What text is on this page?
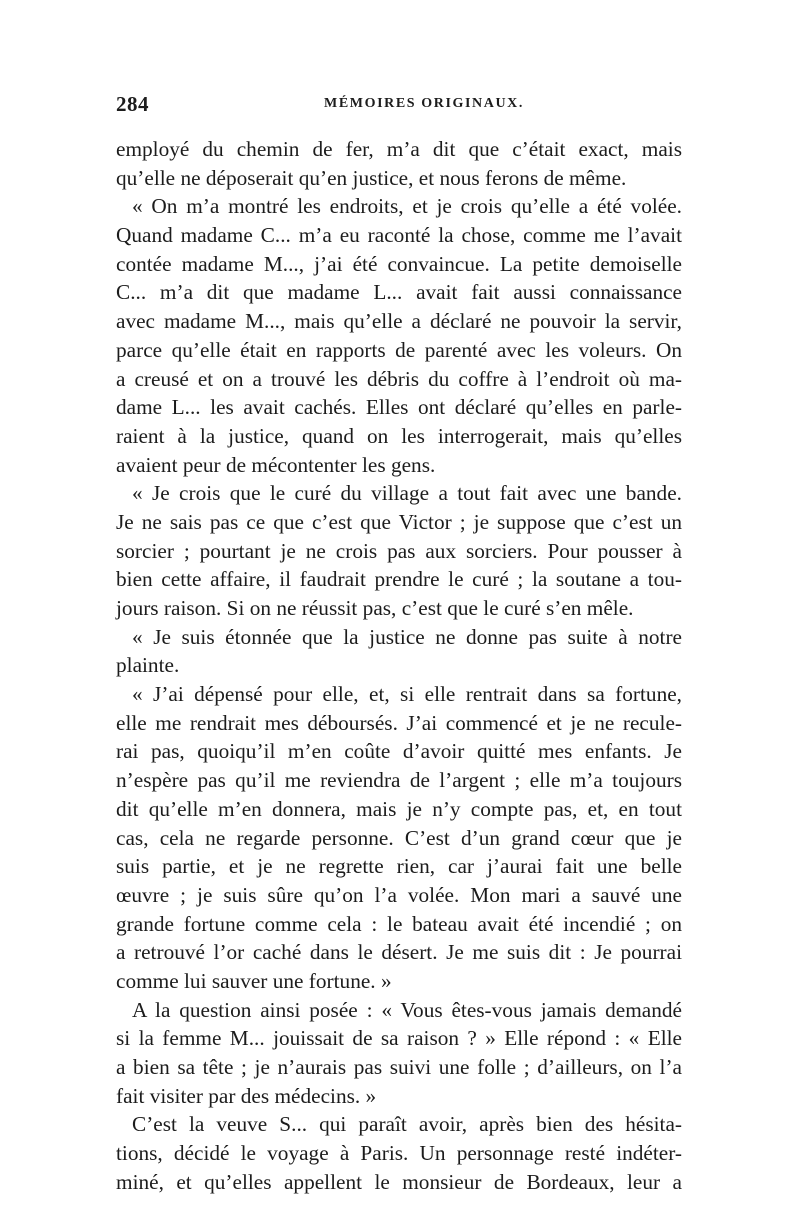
284	MÉMOIRES ORIGINAUX.
employé du chemin de fer, m’a dit que c’était exact, mais
qu’elle ne déposerait qu’en justice, et nous ferons de même.
« On m’a montré les endroits, et je crois qu’elle a été volée.
Quand madame C... m’a eu raconté la chose, comme me l’avait
contée madame M..., j’ai été convaincue. La petite demoiselle
C... m’a dit que madame L... avait fait aussi connaissance
avec madame M..., mais qu’elle a déclaré ne pouvoir la servir,
parce qu’elle était en rapports de parenté avec les voleurs. On
a creusé et on a trouvé les débris du coffre à l’endroit où ma-
dame L... les avait cachés. Elles ont déclaré qu’elles en parle-
raient à la justice, quand on les interrogerait, mais qu’elles
avaient peur de mécontenter les gens.
« Je crois que le curé du village a tout fait avec une bande.
Je ne sais pas ce que c’est que Victor ; je suppose que c’est un
sorcier ; pourtant je ne crois pas aux sorciers. Pour pousser à
bien cette affaire, il faudrait prendre le curé ; la soutane a tou-
jours raison. Si on ne réussit pas, c’est que le curé s’en mêle.
« Je suis étonnée que la justice ne donne pas suite à notre
plainte.
« J’ai dépensé pour elle, et, si elle rentrait dans sa fortune,
elle me rendrait mes déboursés. J’ai commencé et je ne recule-
rai pas, quoiqu’il m’en coûte d’avoir quitté mes enfants. Je
n’espère pas qu’il me reviendra de l’argent ; elle m’a toujours
dit qu’elle m’en donnera, mais je n’y compte pas, et, en tout
cas, cela ne regarde personne. C’est d’un grand cœur que je
suis partie, et je ne regrette rien, car j’aurai fait une belle
œuvre ; je suis sûre qu’on l’a volée. Mon mari a sauvé une
grande fortune comme cela : le bateau avait été incendié ; on
a retrouvé l’or caché dans le désert. Je me suis dit : Je pourrai
comme lui sauver une fortune. »
A la question ainsi posée : « Vous êtes-vous jamais demandé
si la femme M... jouissait de sa raison ? » Elle répond : « Elle
a bien sa tête ; je n’aurais pas suivi une folle ; d’ailleurs, on l’a
fait visiter par des médecins. »
C’est la veuve S... qui paraît avoir, après bien des hésita-
tions, décidé le voyage à Paris. Un personnage resté indéter-
miné, et qu’elles appellent le monsieur de Bordeaux, leur a
